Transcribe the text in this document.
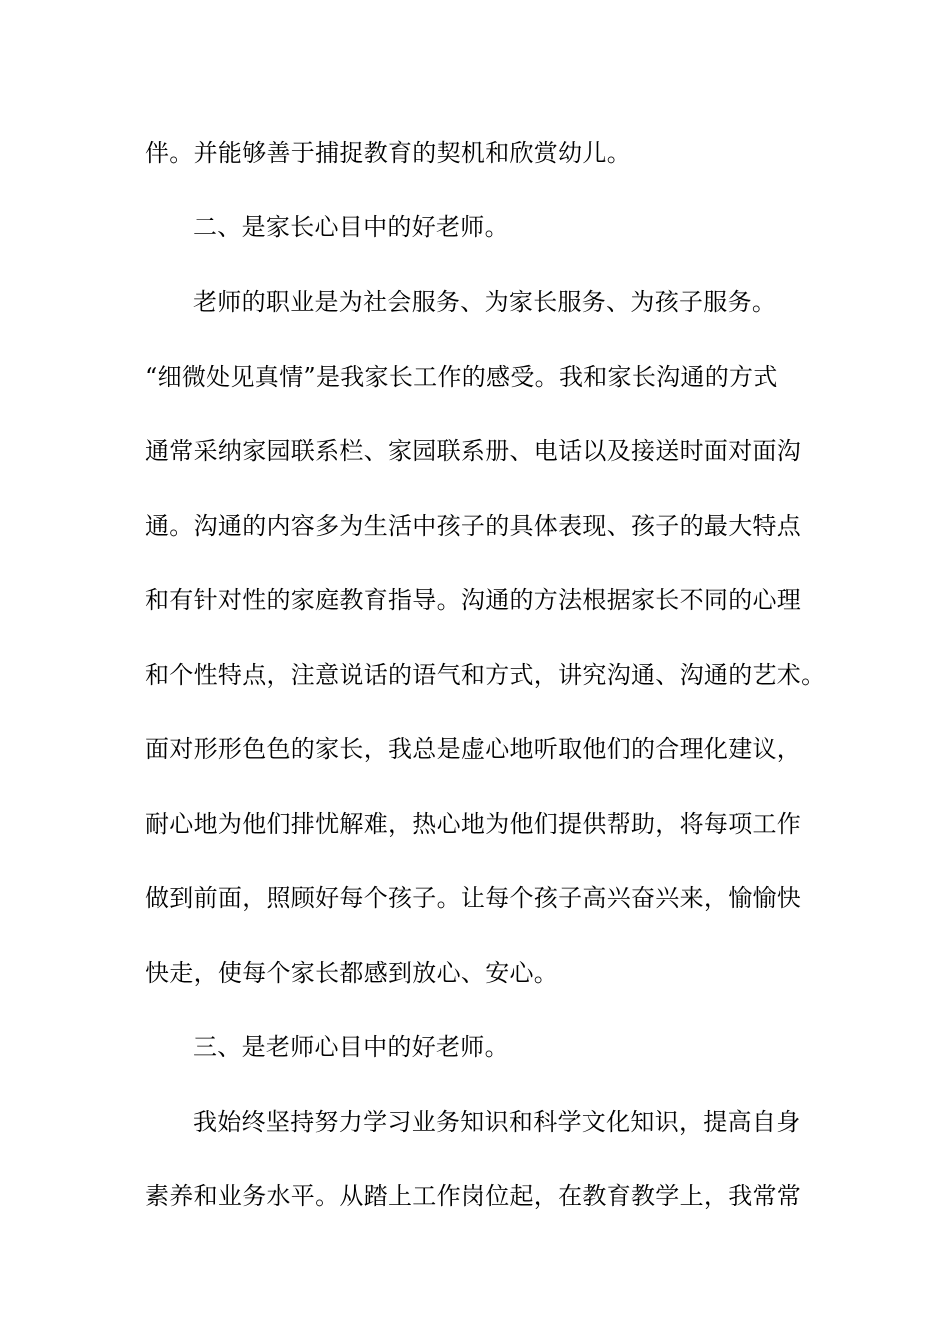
伴。并能够善于捕捉教育的契机和欣赏幼儿。
二、是家长心目中的好老师。
老师的职业是为社会服务、为家长服务、为孩子服务。
“细微处见真情”是我家长工作的感受。我和家长沟通的方式
通常采纳家园联系栏、家园联系册、电话以及接送时面对面沟
通。沟通的内容多为生活中孩子的具体表现、孩子的最大特点
和有针对性的家庭教育指导。沟通的方法根据家长不同的心理
和个性特点，注意说话的语气和方式，讲究沟通、沟通的艺术。
面对形形色色的家长，我总是虚心地听取他们的合理化建议，
耐心地为他们排忧解难，热心地为他们提供帮助，将每项工作
做到前面，照顾好每个孩子。让每个孩子高兴奋兴来，愉愉快
快走，使每个家长都感到放心、安心。
三、是老师心目中的好老师。
我始终坚持努力学习业务知识和科学文化知识，提高自身
素养和业务水平。从踏上工作岗位起，在教育教学上，我常常
